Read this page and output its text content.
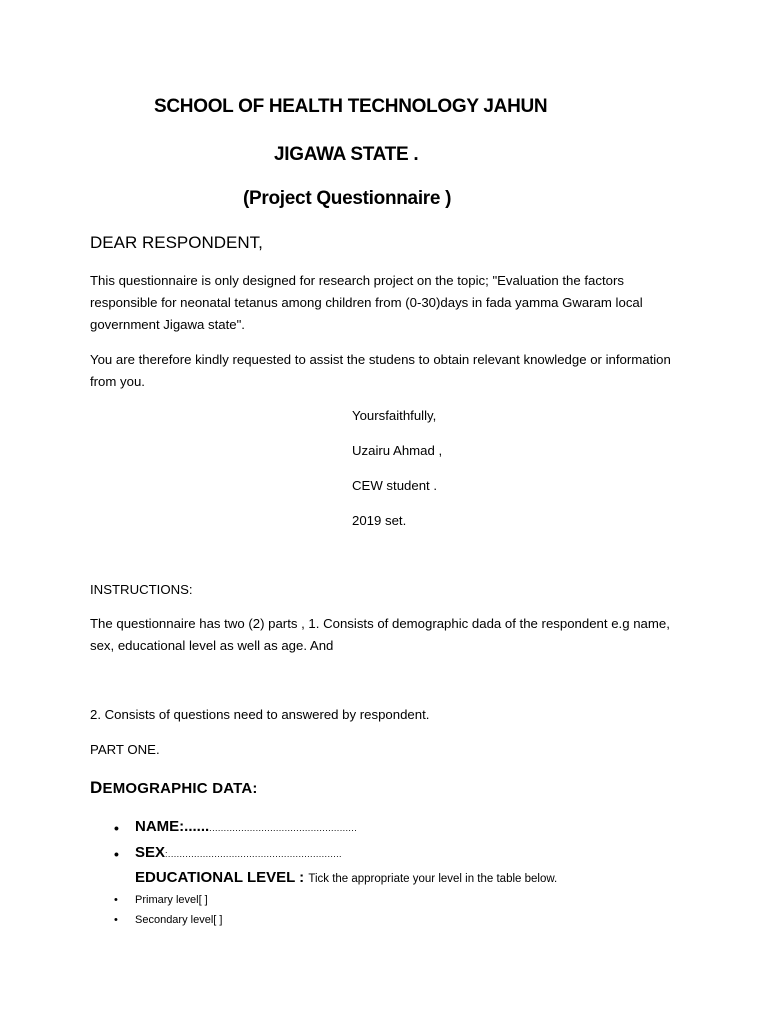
SCHOOL OF HEALTH TECHNOLOGY JAHUN
JIGAWA STATE .
(Project Questionnaire )
DEAR RESPONDENT,
This questionnaire is only designed for research project on the topic; "Evaluation the factors responsible for neonatal tetanus among children from (0-30)days in fada yamma Gwaram local government Jigawa state".
You are therefore kindly requested to assist the studens to obtain relevant knowledge or information from you.
Yoursfaithfully,
Uzairu Ahmad ,
CEW student .
2019 set.
INSTRUCTIONS:
The questionnaire has two (2) parts , 1. Consists of demographic dada of the respondent e.g name, sex, educational level as well as age. And
2. Consists of questions need to answered by respondent.
PART ONE.
DEMOGRAPHIC DATA:
• NAME:.........................................................
• SEX:............................................................
EDUCATIONAL LEVEL : Tick the appropriate your level in the table below.
• Primary level[ ]
• Secondary level[ ]
